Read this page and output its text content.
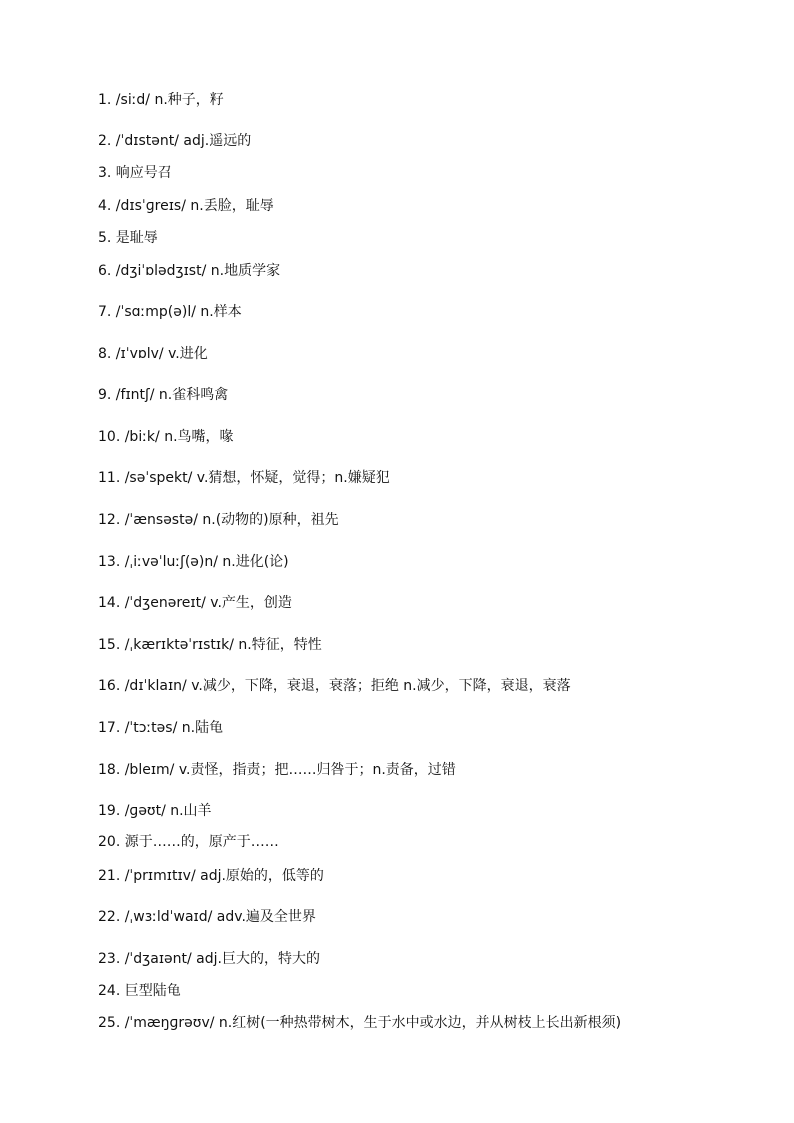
1. /siːd/ n.种子，籽
2. /ˈdɪstənt/ adj.遥远的
3. 响应号召
4. /dɪsˈɡreɪs/ n.丢脸，耻辱
5. 是耻辱
6. /dʒiˈɒlədʒɪst/ n.地质学家
7. /ˈsɑːmp(ə)l/ n.样本
8. /ɪˈvɒlv/ v.进化
9. /fɪntʃ/ n.雀科鸣禽
10. /biːk/ n.鸟嘴，喙
11. /səˈspekt/ v.猜想，怀疑，觉得；n.嫌疑犯
12. /ˈænsəstə/ n.(动物的)原种，祖先
13. /ˌiːvəˈluːʃ(ə)n/ n.进化(论)
14. /ˈdʒenəreɪt/ v.产生，创造
15. /ˌkærɪktəˈrɪstɪk/ n.特征，特性
16. /dɪˈklaɪn/ v.减少，下降，衰退，衰落；拒绝 n.减少，下降，衰退，衰落
17. /ˈtɔːtəs/ n.陆龟
18. /bleɪm/ v.责怪，指责；把……归咎于；n.责备，过错
19. /ɡəʊt/ n.山羊
20. 源于……的，原产于……
21. /ˈprɪmɪtɪv/ adj.原始的，低等的
22. /ˌwɜːldˈwaɪd/ adv.遍及全世界
23. /ˈdʒaɪənt/ adj.巨大的，特大的
24. 巨型陆龟
25. /ˈmæŋɡrəʊv/ n.红树(一种热带树木，生于水中或水边，并从树枝上长出新根须)
